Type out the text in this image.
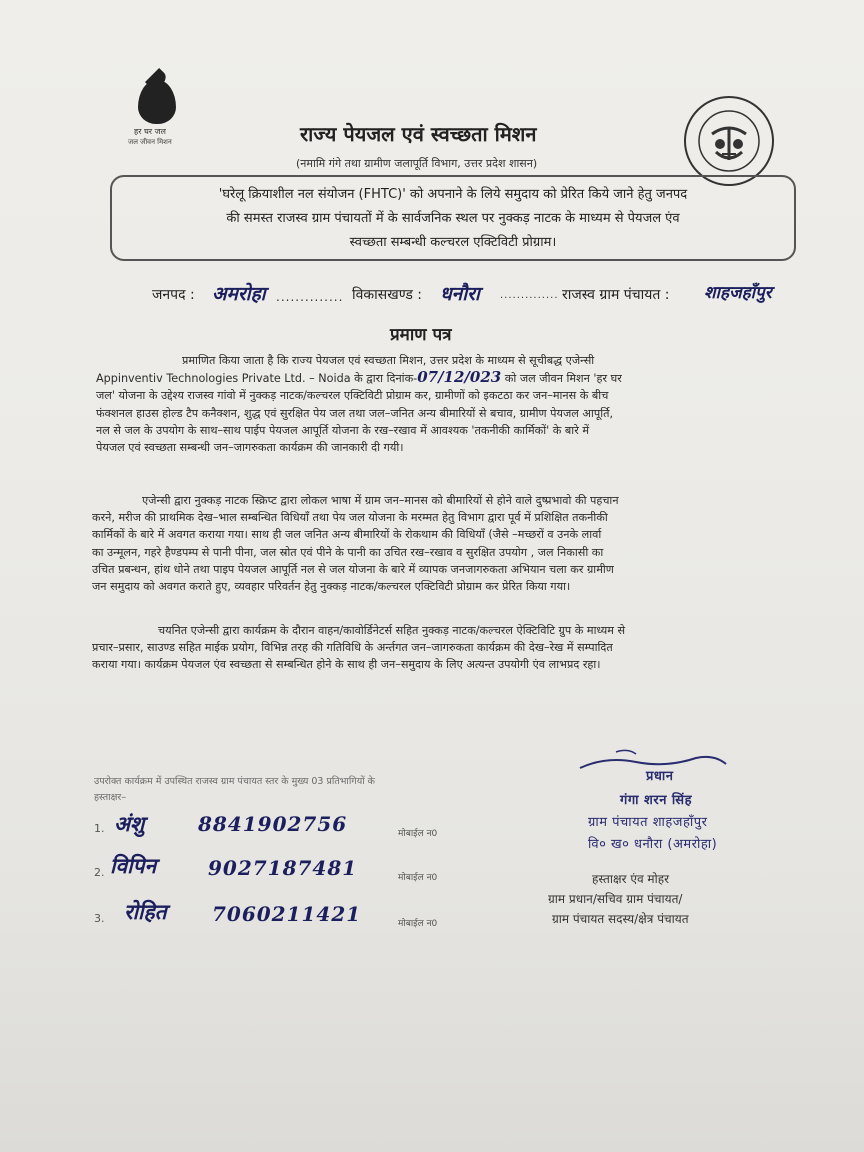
हर घर जल
जल जीवन मिशन	राज्य पेयजल एवं स्वच्छता मिशन
(नमामि गंगे तथा ग्रामीण जलापूर्ति विभाग, उत्तर प्रदेश शासन)
'घरेलू क्रियाशील नल संयोजन (FHTC)' को अपनाने के लिये समुदाय को प्रेरित किये जाने हेतु जनपद
की समस्त राजस्व ग्राम पंचायतों में के सार्वजनिक स्थल पर नुक्कड़ नाटक के माध्यम से पेयजल एंव
स्वच्छता सम्बन्धी कल्चरल एक्टिविटी प्रोग्राम।
जनपद : अमरोहा .............. विकासखण्ड : धनौरा .............. राजस्व ग्राम पंचायत : शाहजहाँपुर
प्रमाण पत्र
प्रमाणित किया जाता है कि राज्य पेयजल एवं स्वच्छता मिशन, उत्तर प्रदेश के माध्यम से सूचीबद्ध एजेन्सी
Appinventiv Technologies Private Ltd. – Noida के द्वारा दिनांक-07/12/023 को जल जीवन मिशन 'हर घर
जल' योजना के उद्देश्य राजस्व गांवो में नुक्कड़ नाटक/कल्चरल एक्टिविटी प्रोग्राम कर, ग्रामीणों को इकटठा कर जन–मानस के बीच
फंक्शनल हाउस होल्ड टैप कनैक्शन, शुद्ध एवं सुरक्षित पेय जल तथा जल–जनित अन्य बीमारियों से बचाव, ग्रामीण पेयजल आपूर्ति,
नल से जल के उपयोग के साथ–साथ पाईप पेयजल आपूर्ति योजना के रख–रखाव में आवश्यक 'तकनीकी कार्मिकों' के बारे में
पेयजल एवं स्वच्छता सम्बन्धी जन–जागरुकता कार्यक्रम की जानकारी दी गयी।
एजेन्सी द्वारा नुक्कड़ नाटक स्क्रिप्ट द्वारा लोकल भाषा में ग्राम जन–मानस को बीमारियों से होने वाले दुष्प्रभावो की पहचान
करने, मरीज की प्राथमिक देख–भाल सम्बन्धित विधियाँ तथा पेय जल योजना के मरम्मत हेतु विभाग द्वारा पूर्व में प्रशिक्षित तकनीकी
कार्मिकों के बारे में अवगत कराया गया। साथ ही जल जनित अन्य बीमारियों के रोकथाम की विधियाँ (जैसे –मच्छरों व उनके लार्वा
का उन्मूलन, गहरे हैण्डपम्प से पानी पीना, जल स्रोत एवं पीने के पानी का उचित रख–रखाव व सुरक्षित उपयोग , जल निकासी का
उचित प्रबन्धन, हांथ धोने तथा पाइप पेयजल आपूर्ति नल से जल योजना के बारे में व्यापक जनजागरुकता अभियान चला कर ग्रामीण
जन समुदाय को अवगत कराते हुए, व्यवहार परिवर्तन हेतु नुक्कड़ नाटक/कल्चरल एक्टिविटी प्रोग्राम कर प्रेरित किया गया।
चयनित एजेन्सी द्वारा कार्यक्रम के दौरान वाहन/कावोर्डिनेटर्स सहित नुक्कड़ नाटक/कल्चरल ऐक्टिविटि ग्रुप के माध्यम से
प्रचार–प्रसार, साउण्ड सहित माईक प्रयोग, विभिन्न तरह की गतिविधि के अर्न्तगत जन–जागरुकता कार्यक्रम की देख–रेख में सम्पादित
कराया गया। कार्यक्रम पेयजल एंव स्वच्छता से सम्बन्धित होने के साथ ही जन–समुदाय के लिए अत्यन्त उपयोगी एंव लाभप्रद रहा।
उपरोक्त कार्यक्रम में उपस्थित राजस्व ग्राम पंचायत स्तर के मुख्य 03 प्रतिभागियों के
हस्ताक्षर–
1. अंशु	8841902756	मोबाईल न0
2. विपिन	9027187481	मोबाईल न0
3. रोहित 7060211421	मोबाईल न0
प्रधान
गंगा शरन सिंह
ग्राम पंचायत शाहजहाँपुर
वि० ख० धनौरा (अमरोहा)
हस्ताक्षर एंव मोहर
ग्राम प्रधान/सचिव ग्राम पंचायत/
ग्राम पंचायत सदस्य/क्षेत्र पंचायत
